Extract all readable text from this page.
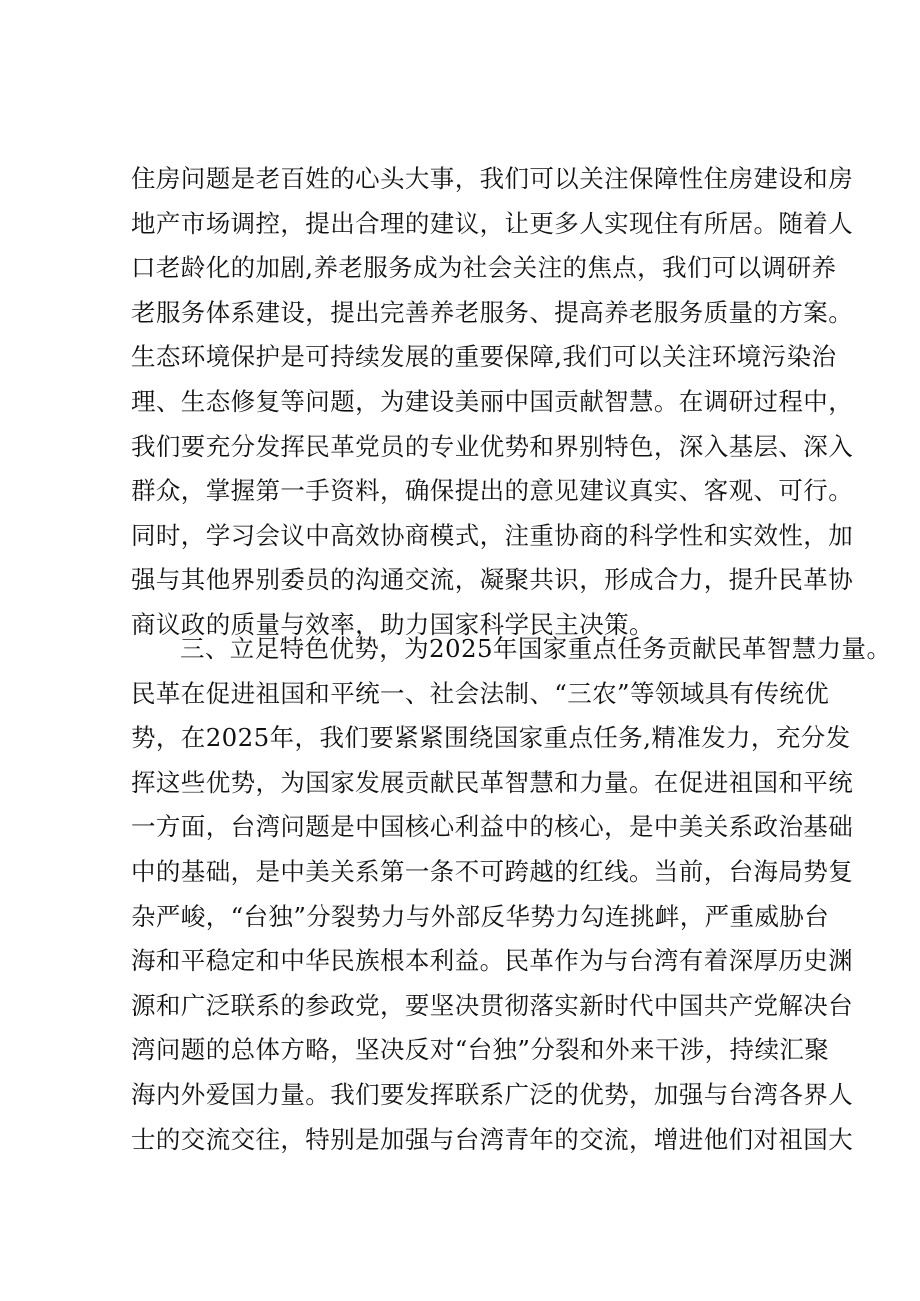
住房问题是老百姓的心头大事，我们可以关注保障性住房建设和房
地产市场调控，提出合理的建议，让更多人实现住有所居。随着人
口老龄化的加剧,养老服务成为社会关注的焦点，我们可以调研养
老服务体系建设，提出完善养老服务、提高养老服务质量的方案。
生态环境保护是可持续发展的重要保障,我们可以关注环境污染治
理、生态修复等问题，为建设美丽中国贡献智慧。在调研过程中，
我们要充分发挥民革党员的专业优势和界别特色，深入基层、深入
群众，掌握第一手资料，确保提出的意见建议真实、客观、可行。
同时，学习会议中高效协商模式，注重协商的科学性和实效性，加
强与其他界别委员的沟通交流，凝聚共识，形成合力，提升民革协
商议政的质量与效率，助力国家科学民主决策。
三、立足特色优势，为2025年国家重点任务贡献民革智慧力量。
民革在促进祖国和平统一、社会法制、“三农”等领域具有传统优
势，在2025年，我们要紧紧围绕国家重点任务,精准发力，充分发
挥这些优势，为国家发展贡献民革智慧和力量。在促进祖国和平统
一方面，台湾问题是中国核心利益中的核心，是中美关系政治基础
中的基础，是中美关系第一条不可跨越的红线。当前，台海局势复
杂严峻，“台独”分裂势力与外部反华势力勾连挑衅，严重威胁台
海和平稳定和中华民族根本利益。民革作为与台湾有着深厚历史渊
源和广泛联系的参政党，要坚决贯彻落实新时代中国共产党解决台
湾问题的总体方略，坚决反对“台独”分裂和外来干涉，持续汇聚
海内外爱国力量。我们要发挥联系广泛的优势，加强与台湾各界人
士的交流交往，特别是加强与台湾青年的交流，增进他们对祖国大
